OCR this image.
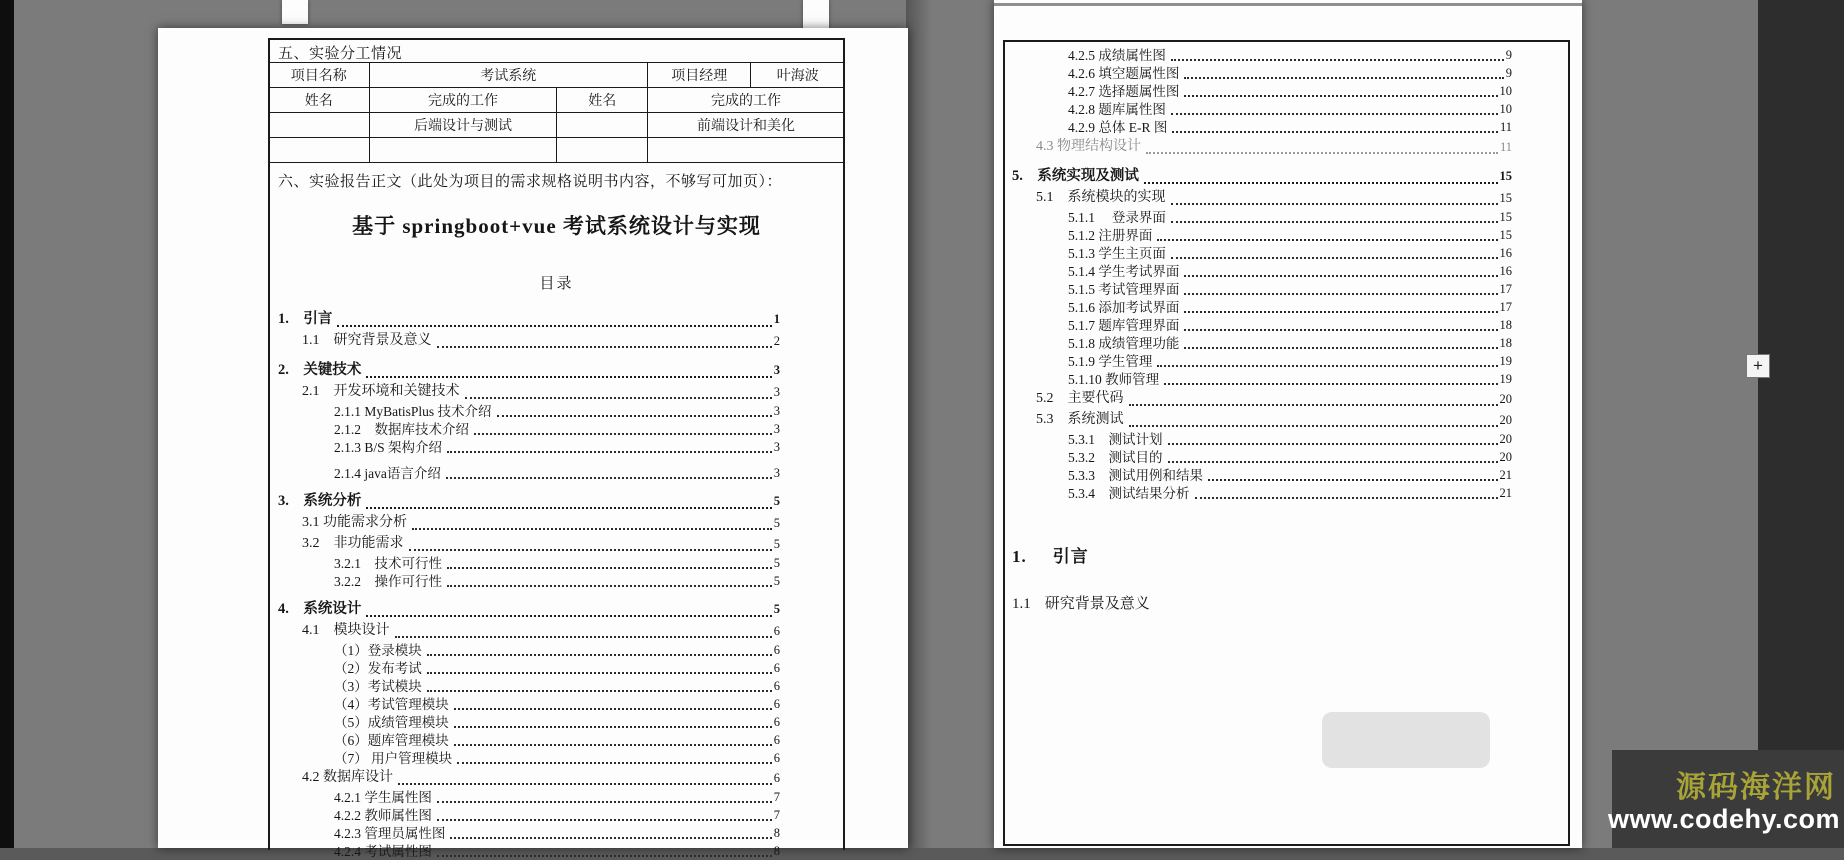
五、实验分工情况
项目名称	考试系统		项目经理	叶海波
姓名	完成的工作	姓名	完成的工作	
	后端设计与测试		前端设计和美化	

六、实验报告正文（此处为项目的需求规格说明书内容，不够写可加页）：
基于 springboot+vue 考试系统设计与实现
目录
1.　引言	1
1.1　研究背景及意义	2
2.　关键技术	3
2.1　开发环境和关键技术	3
2.1.1 MyBatisPlus 技术介绍	3
2.1.2　数据库技术介绍	3
2.1.3 B/S 架构介绍	3
2.1.4 java语言介绍	3
3.　系统分析	5
3.1 功能需求分析	5
3.2　非功能需求	5
3.2.1　技术可行性	5
3.2.2　操作可行性	5
4.　系统设计	5
4.1　模块设计	6
（1）登录模块	6
（2）发布考试	6
（3）考试模块	6
（4）考试管理模块	6
（5）成绩管理模块	6
（6）题库管理模块	6
（7） 用户管理模块	6
4.2 数据库设计	6
4.2.1 学生属性图	7
4.2.2 教师属性图	7
4.2.3 管理员属性图	8
4.2.4 考试属性图	8
4.2.5 成绩属性图	9
4.2.6 填空题属性图	9
4.2.7 选择题属性图	10
4.2.8 题库属性图	10
4.2.9 总体 E-R 图	11
4.3 物理结构设计	11
5.　系统实现及测试	15
5.1　系统模块的实现	15
5.1.1　 登录界面	15
5.1.2 注册界面	15
5.1.3 学生主页面	16
5.1.4 学生考试界面	16
5.1.5 考试管理界面	17
5.1.6 添加考试界面	17
5.1.7 题库管理界面	18
5.1.8 成绩管理功能	18
5.1.9 学生管理	19
5.1.10 教师管理	19
5.2　主要代码	20
5.3　系统测试	20
5.3.1　测试计划	20
5.3.2　测试目的	20
5.3.3　测试用例和结果	21
5.3.4　测试结果分析	21
1. 引言
1.1 研究背景及意义
+
源码海洋网
www.codehy.com
